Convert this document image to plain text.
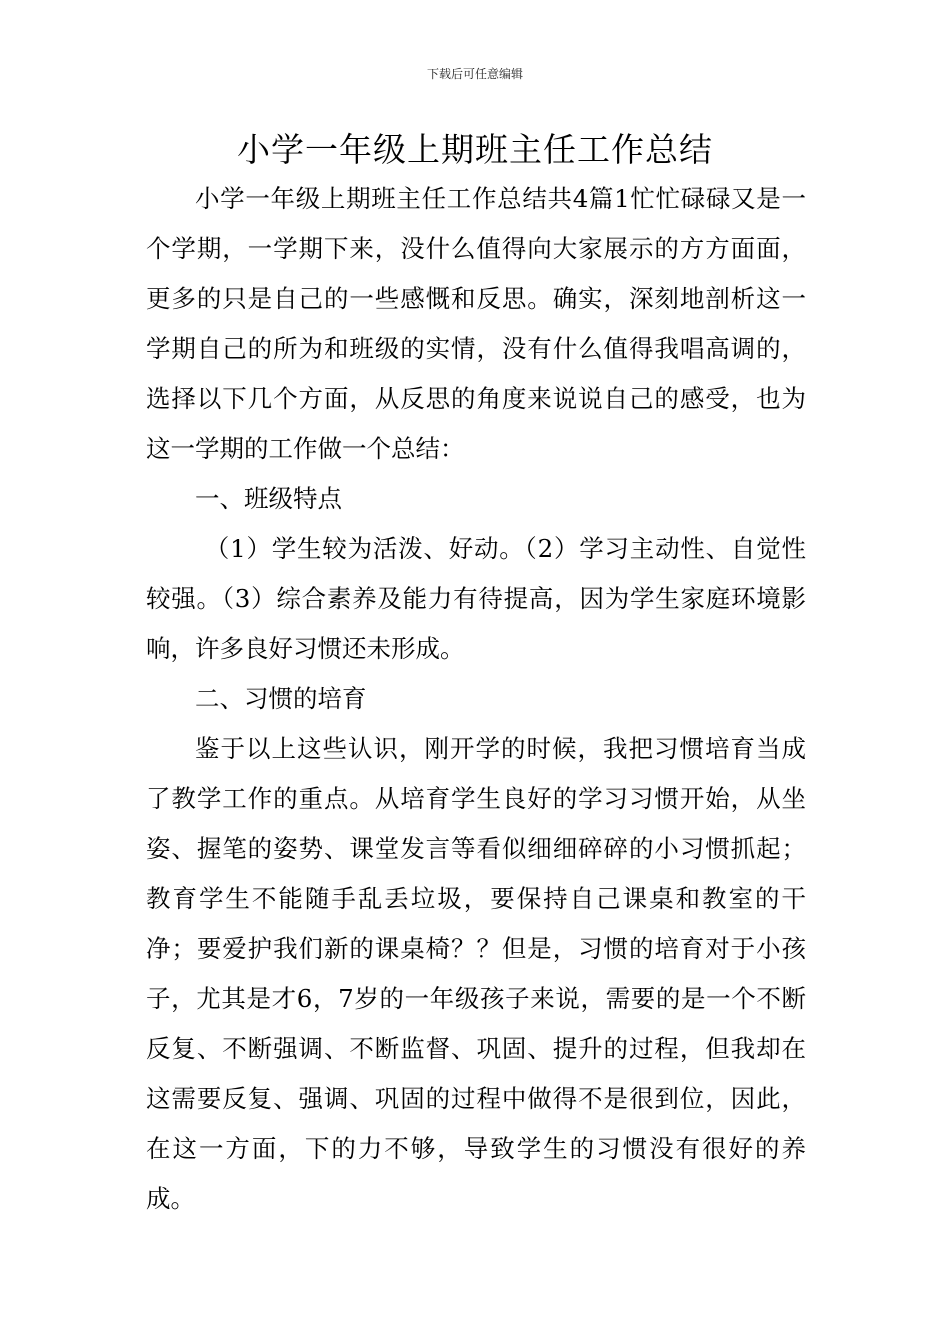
下载后可任意编辑
小学一年级上期班主任工作总结

小学一年级上期班主任工作总结共4篇1忙忙碌碌又是一个学期，一学期下来，没什么值得向大家展示的方方面面，更多的只是自己的一些感慨和反思。确实，深刻地剖析这一学期自己的所为和班级的实情，没有什么值得我唱高调的，选择以下几个方面，从反思的角度来说说自己的感受，也为这一学期的工作做一个总结：

一、班级特点

（1）学生较为活泼、好动。（2）学习主动性、自觉性较强。（3）综合素养及能力有待提高，因为学生家庭环境影响，许多良好习惯还未形成。

二、习惯的培育

鉴于以上这些认识，刚开学的时候，我把习惯培育当成了教学工作的重点。从培育学生良好的学习习惯开始，从坐姿、握笔的姿势、课堂发言等看似细细碎碎的小习惯抓起；教育学生不能随手乱丢垃圾，要保持自己课桌和教室的干净；要爱护我们新的课桌椅？？但是，习惯的培育对于小孩子，尤其是才6，7岁的一年级孩子来说，需要的是一个不断反复、不断强调、不断监督、巩固、提升的过程，但我却在这需要反复、强调、巩固的过程中做得不是很到位，因此，在这一方面，下的力不够，导致学生的习惯没有很好的养成。
